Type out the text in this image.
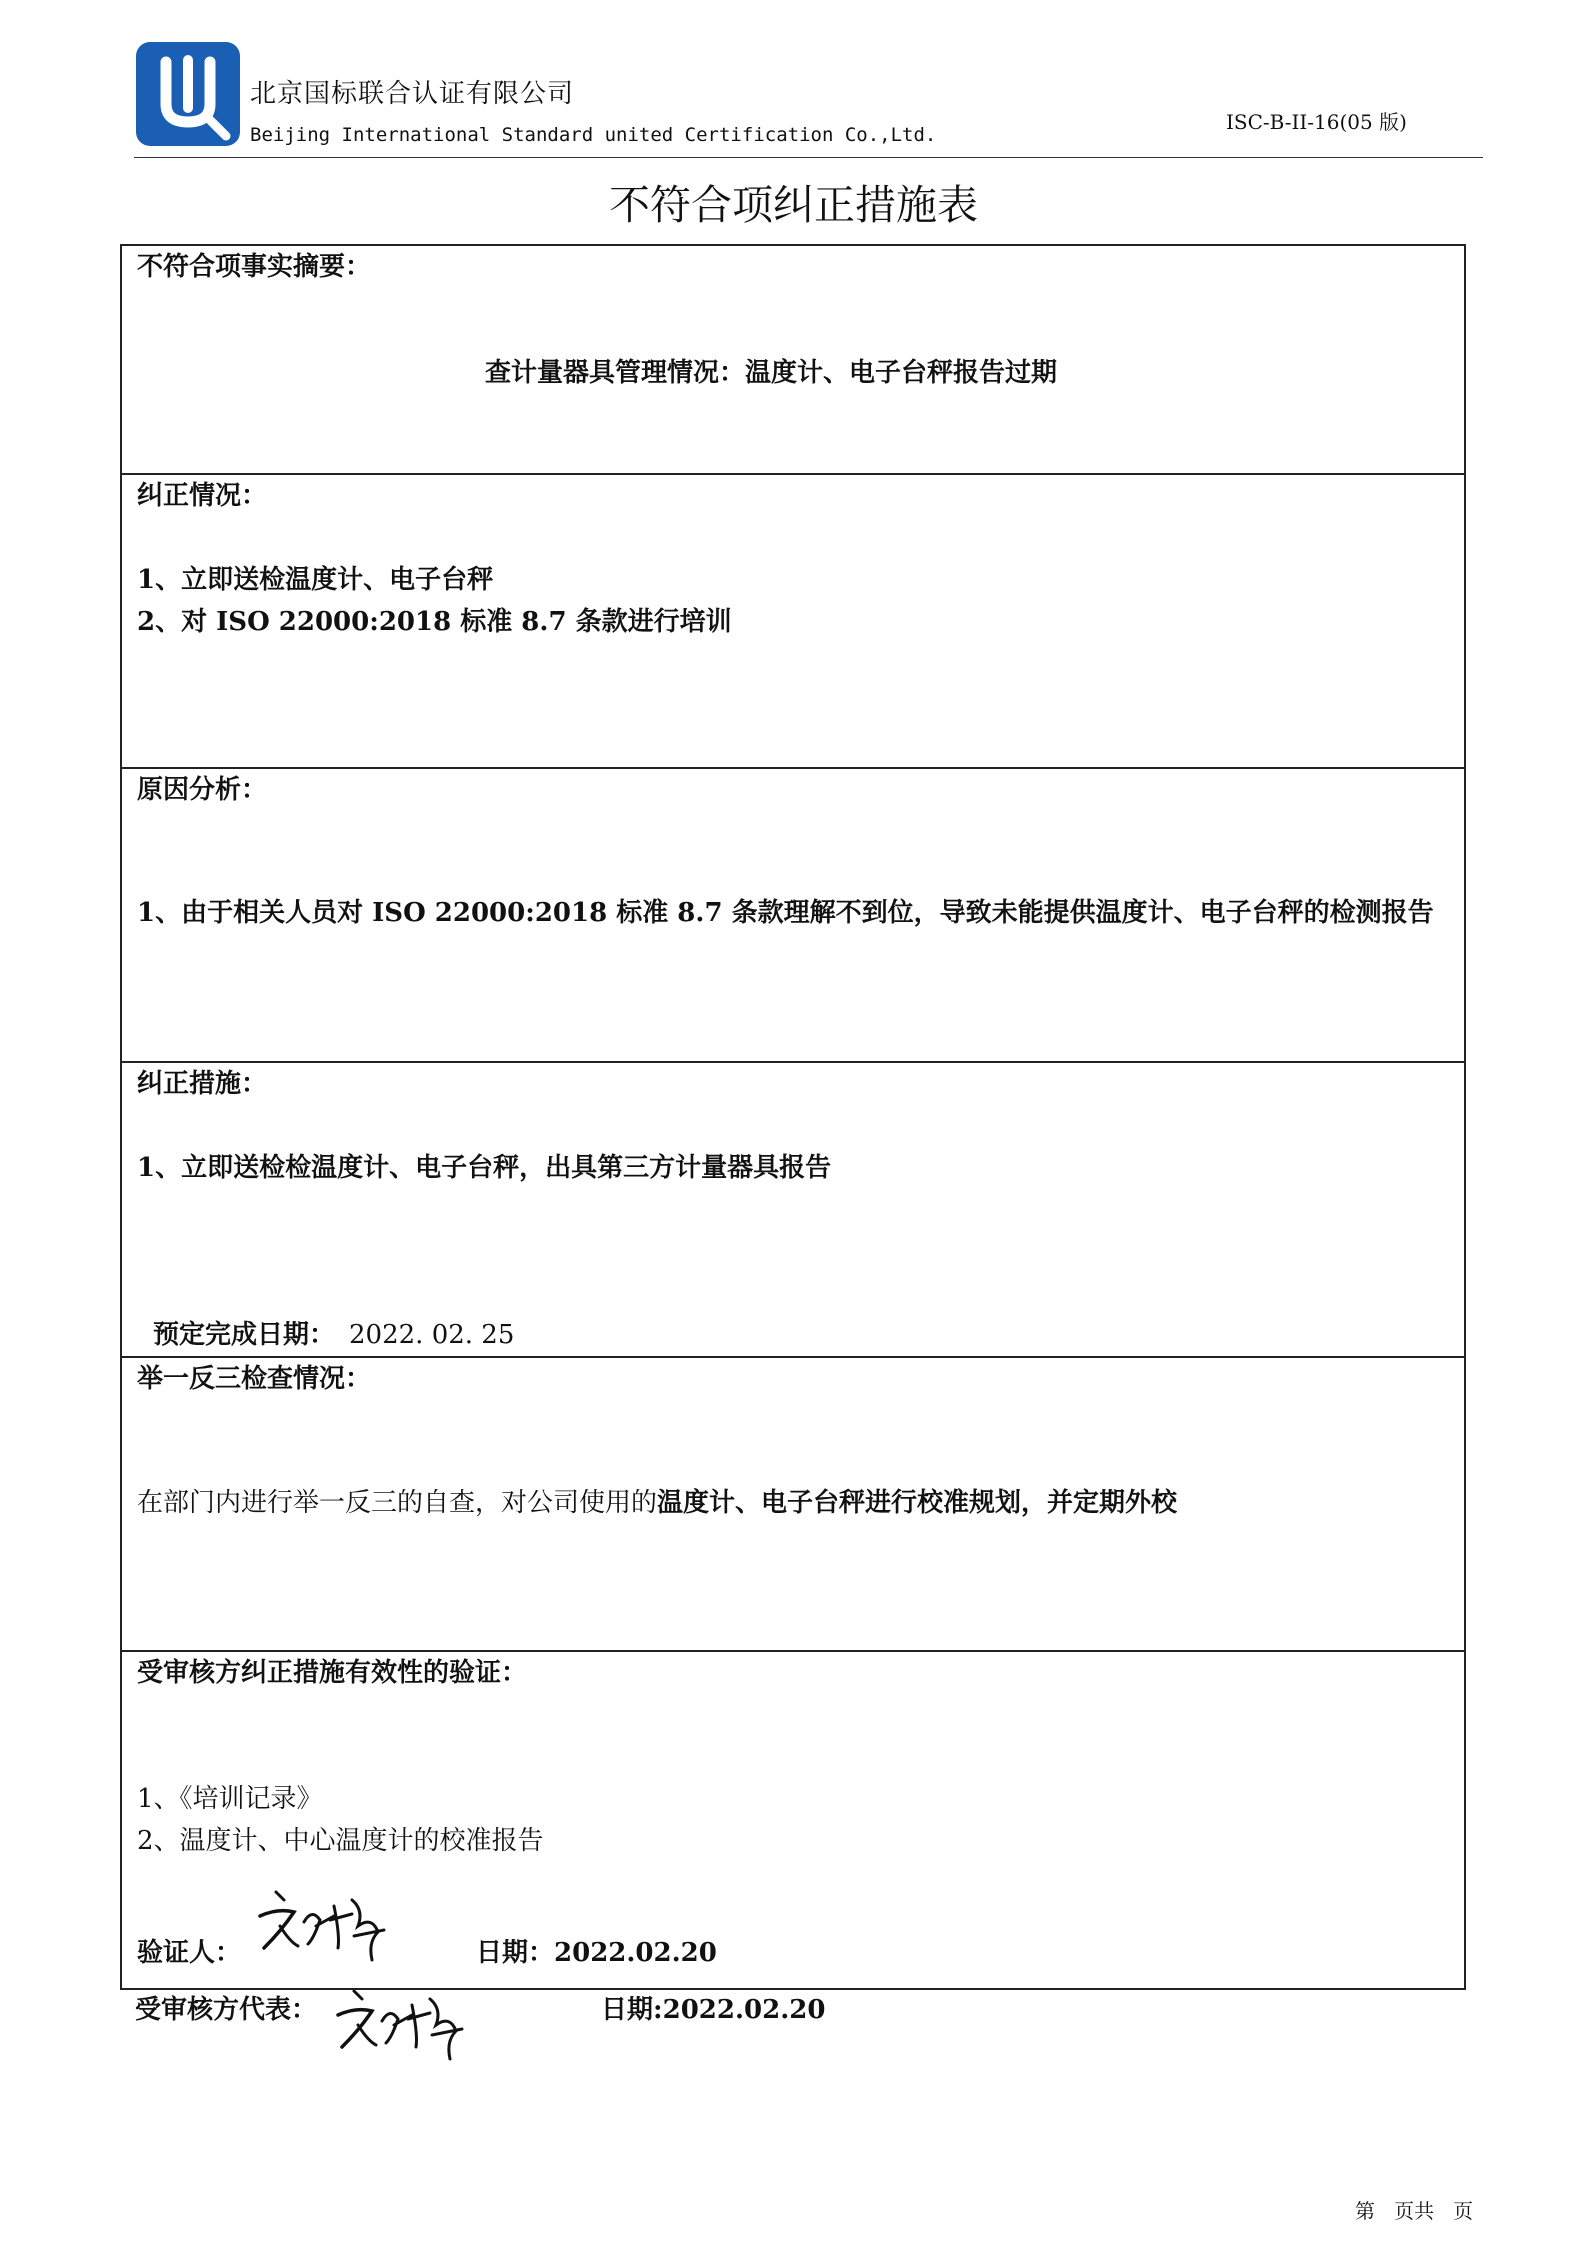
北京国标联合认证有限公司
Beijing International Standard united Certification Co.,Ltd.
ISC-B-II-16(05 版)
不符合项纠正措施表
不符合项事实摘要：
查计量器具管理情况：温度计、电子台秤报告过期
纠正情况：
1、立即送检温度计、电子台秤
2、对 ISO 22000:2018 标准 8.7 条款进行培训
原因分析：
1、由于相关人员对 ISO 22000:2018 标准 8.7 条款理解不到位，导致未能提供温度计、电子台秤的检测报告
纠正措施：
1、立即送检检温度计、电子台秤，出具第三方计量器具报告
预定完成日期： 2022. 02. 25
举一反三检查情况：
在部门内进行举一反三的自查，对公司使用的温度计、电子台秤进行校准规划，并定期外校
受审核方纠正措施有效性的验证：
1、《培训记录》
2、温度计、中心温度计的校准报告
验证人：	日期：2022.02.20
受审核方代表：	日期:2022.02.20
第   页共   页
